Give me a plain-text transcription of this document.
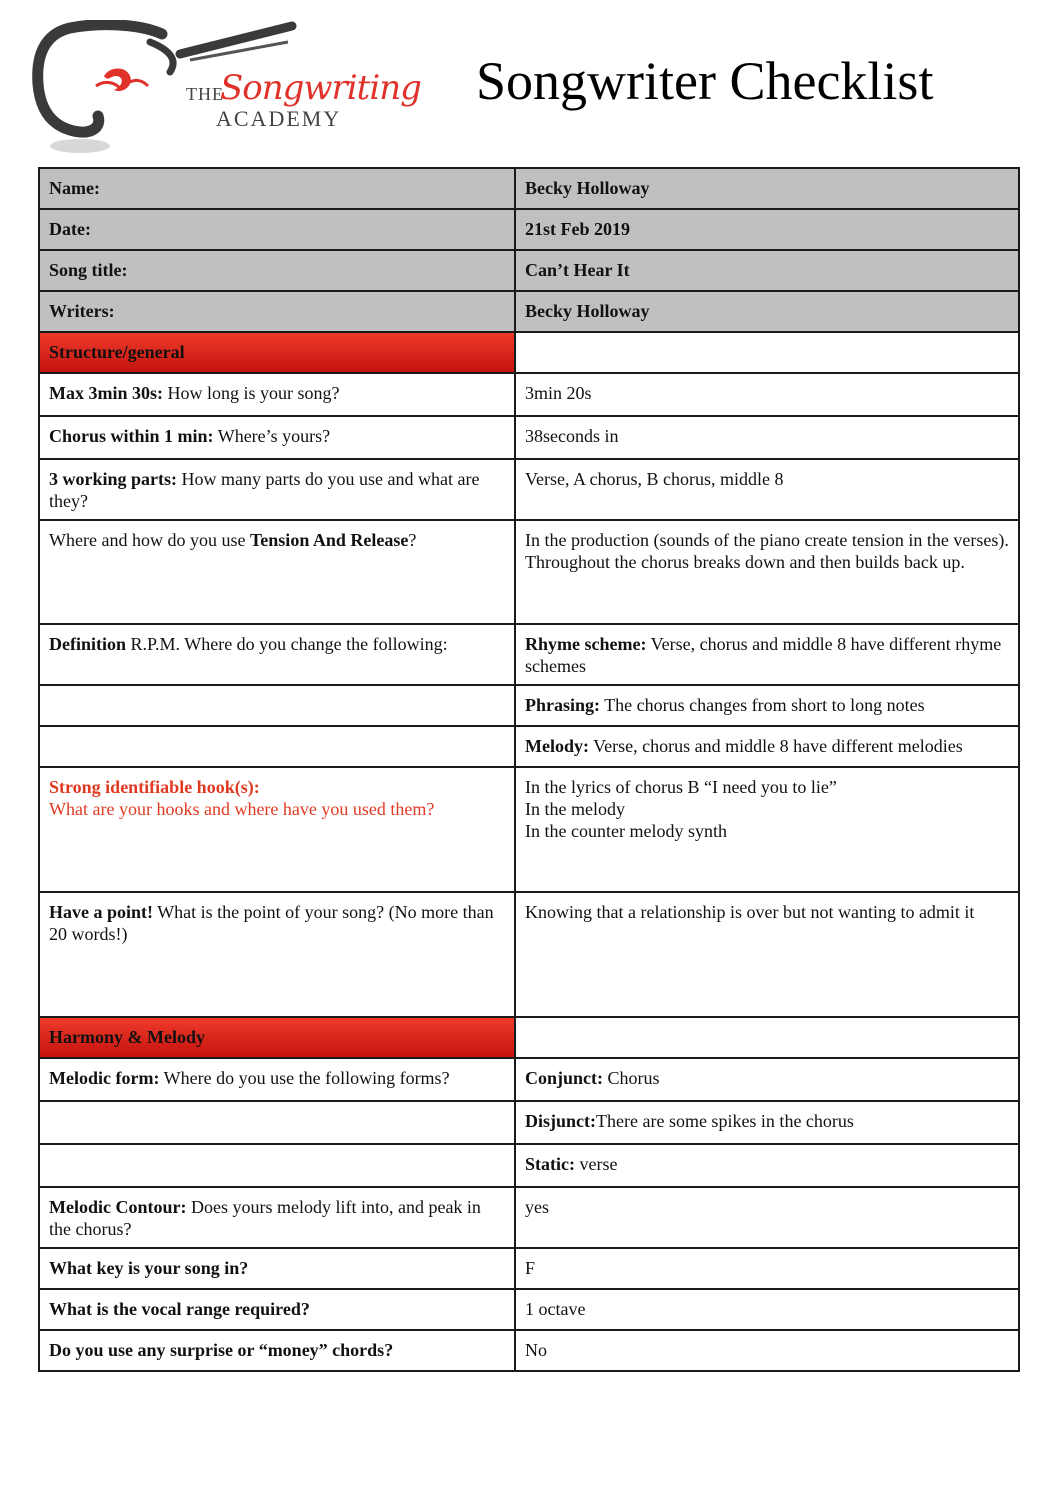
THE
Songwriting
ACADEMY
Songwriter Checklist
Name:	Becky Holloway
Date:	21st Feb 2019
Song title:	Can’t Hear It
Writers:	Becky Holloway
Structure/general	
Max 3min 30s: How long is your song?	3min 20s
Chorus within 1 min: Where’s yours?	38seconds in
3 working parts: How many parts do you use and what are they?	Verse, A chorus, B chorus, middle 8
Where and how do you use Tension And Release?	In the production (sounds of the piano create tension in the verses). Throughout the chorus breaks down and then builds back up.
Definition R.P.M. Where do you change the following:	Rhyme scheme: Verse, chorus and middle 8 have different rhyme schemes
	Phrasing: The chorus changes from short to long notes
	Melody: Verse, chorus and middle 8 have different melodies

Strong identifiable hook(s):
What are your hooks and where have you used them?	In the lyrics of chorus B “I need you to lie”
In the melody
In the counter melody synth

Have a point! What is the point of your song? (No more than 20 words!)	Knowing that a relationship is over but not wanting to admit it
Harmony & Melody	
Melodic form: Where do you use the following forms?	Conjunct: Chorus
	Disjunct:There are some spikes in the chorus
	Static: verse
Melodic Contour: Does yours melody lift into, and peak in the chorus?	yes
What key is your song in?	F
What is the vocal range required?	1 octave
Do you use any surprise or “money” chords?	No
